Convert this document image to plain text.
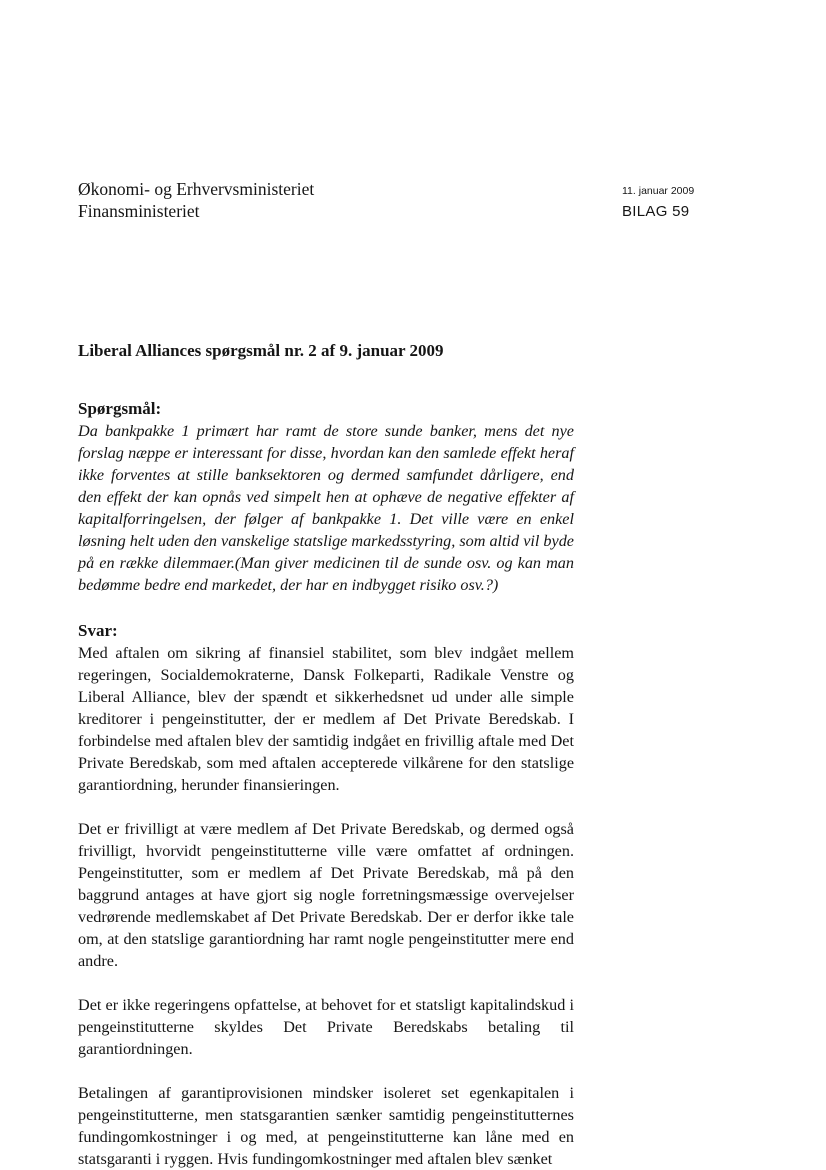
Økonomi- og Erhvervsministeriet
Finansministeriet
11. januar 2009
BILAG 59
Liberal Alliances spørgsmål nr. 2 af 9. januar 2009
Spørgsmål:

Da bankpakke 1 primært har ramt de store sunde banker, mens det nye forslag næppe er interessant for disse, hvordan kan den samlede effekt heraf ikke forventes at stille banksektoren og dermed samfundet dårligere, end den effekt der kan opnås ved simpelt hen at ophæve de negative effekter af kapitalforringelsen, der følger af bankpakke 1. Det ville være en enkel løsning helt uden den vanskelige statslige markedsstyring, som altid vil byde på en række dilemmaer.(Man giver medicinen til de sunde osv. og kan man bedømme bedre end markedet, der har en indbygget risiko osv.?)

Svar:

Med aftalen om sikring af finansiel stabilitet, som blev indgået mellem regeringen, Socialdemokraterne, Dansk Folkeparti, Radikale Venstre og Liberal Alliance, blev der spændt et sikkerhedsnet ud under alle simple kreditorer i pengeinstitutter, der er medlem af Det Private Beredskab. I forbindelse med aftalen blev der samtidig indgået en frivillig aftale med Det Private Beredskab, som med aftalen accepterede vilkårene for den statslige garantiordning, herunder finansieringen.

Det er frivilligt at være medlem af Det Private Beredskab, og dermed også frivilligt, hvorvidt pengeinstitutterne ville være omfattet af ordningen. Pengeinstitutter, som er medlem af Det Private Beredskab, må på den baggrund antages at have gjort sig nogle forretningsmæssige overvejelser vedrørende medlemskabet af Det Private Beredskab. Der er derfor ikke tale om, at den statslige garantiordning har ramt nogle pengeinstitutter mere end andre.

Det er ikke regeringens opfattelse, at behovet for et statsligt kapitalindskud i pengeinstitutterne skyldes Det Private Beredskabs betaling til garantiordningen.

Betalingen af garantiprovisionen mindsker isoleret set egenkapitalen i pengeinstitutterne, men statsgarantien sænker samtidig pengeinstitutternes fundingomkostninger i og med, at pengeinstitutterne kan låne med en statsgaranti i ryggen. Hvis fundingomkostninger med aftalen blev sænket
